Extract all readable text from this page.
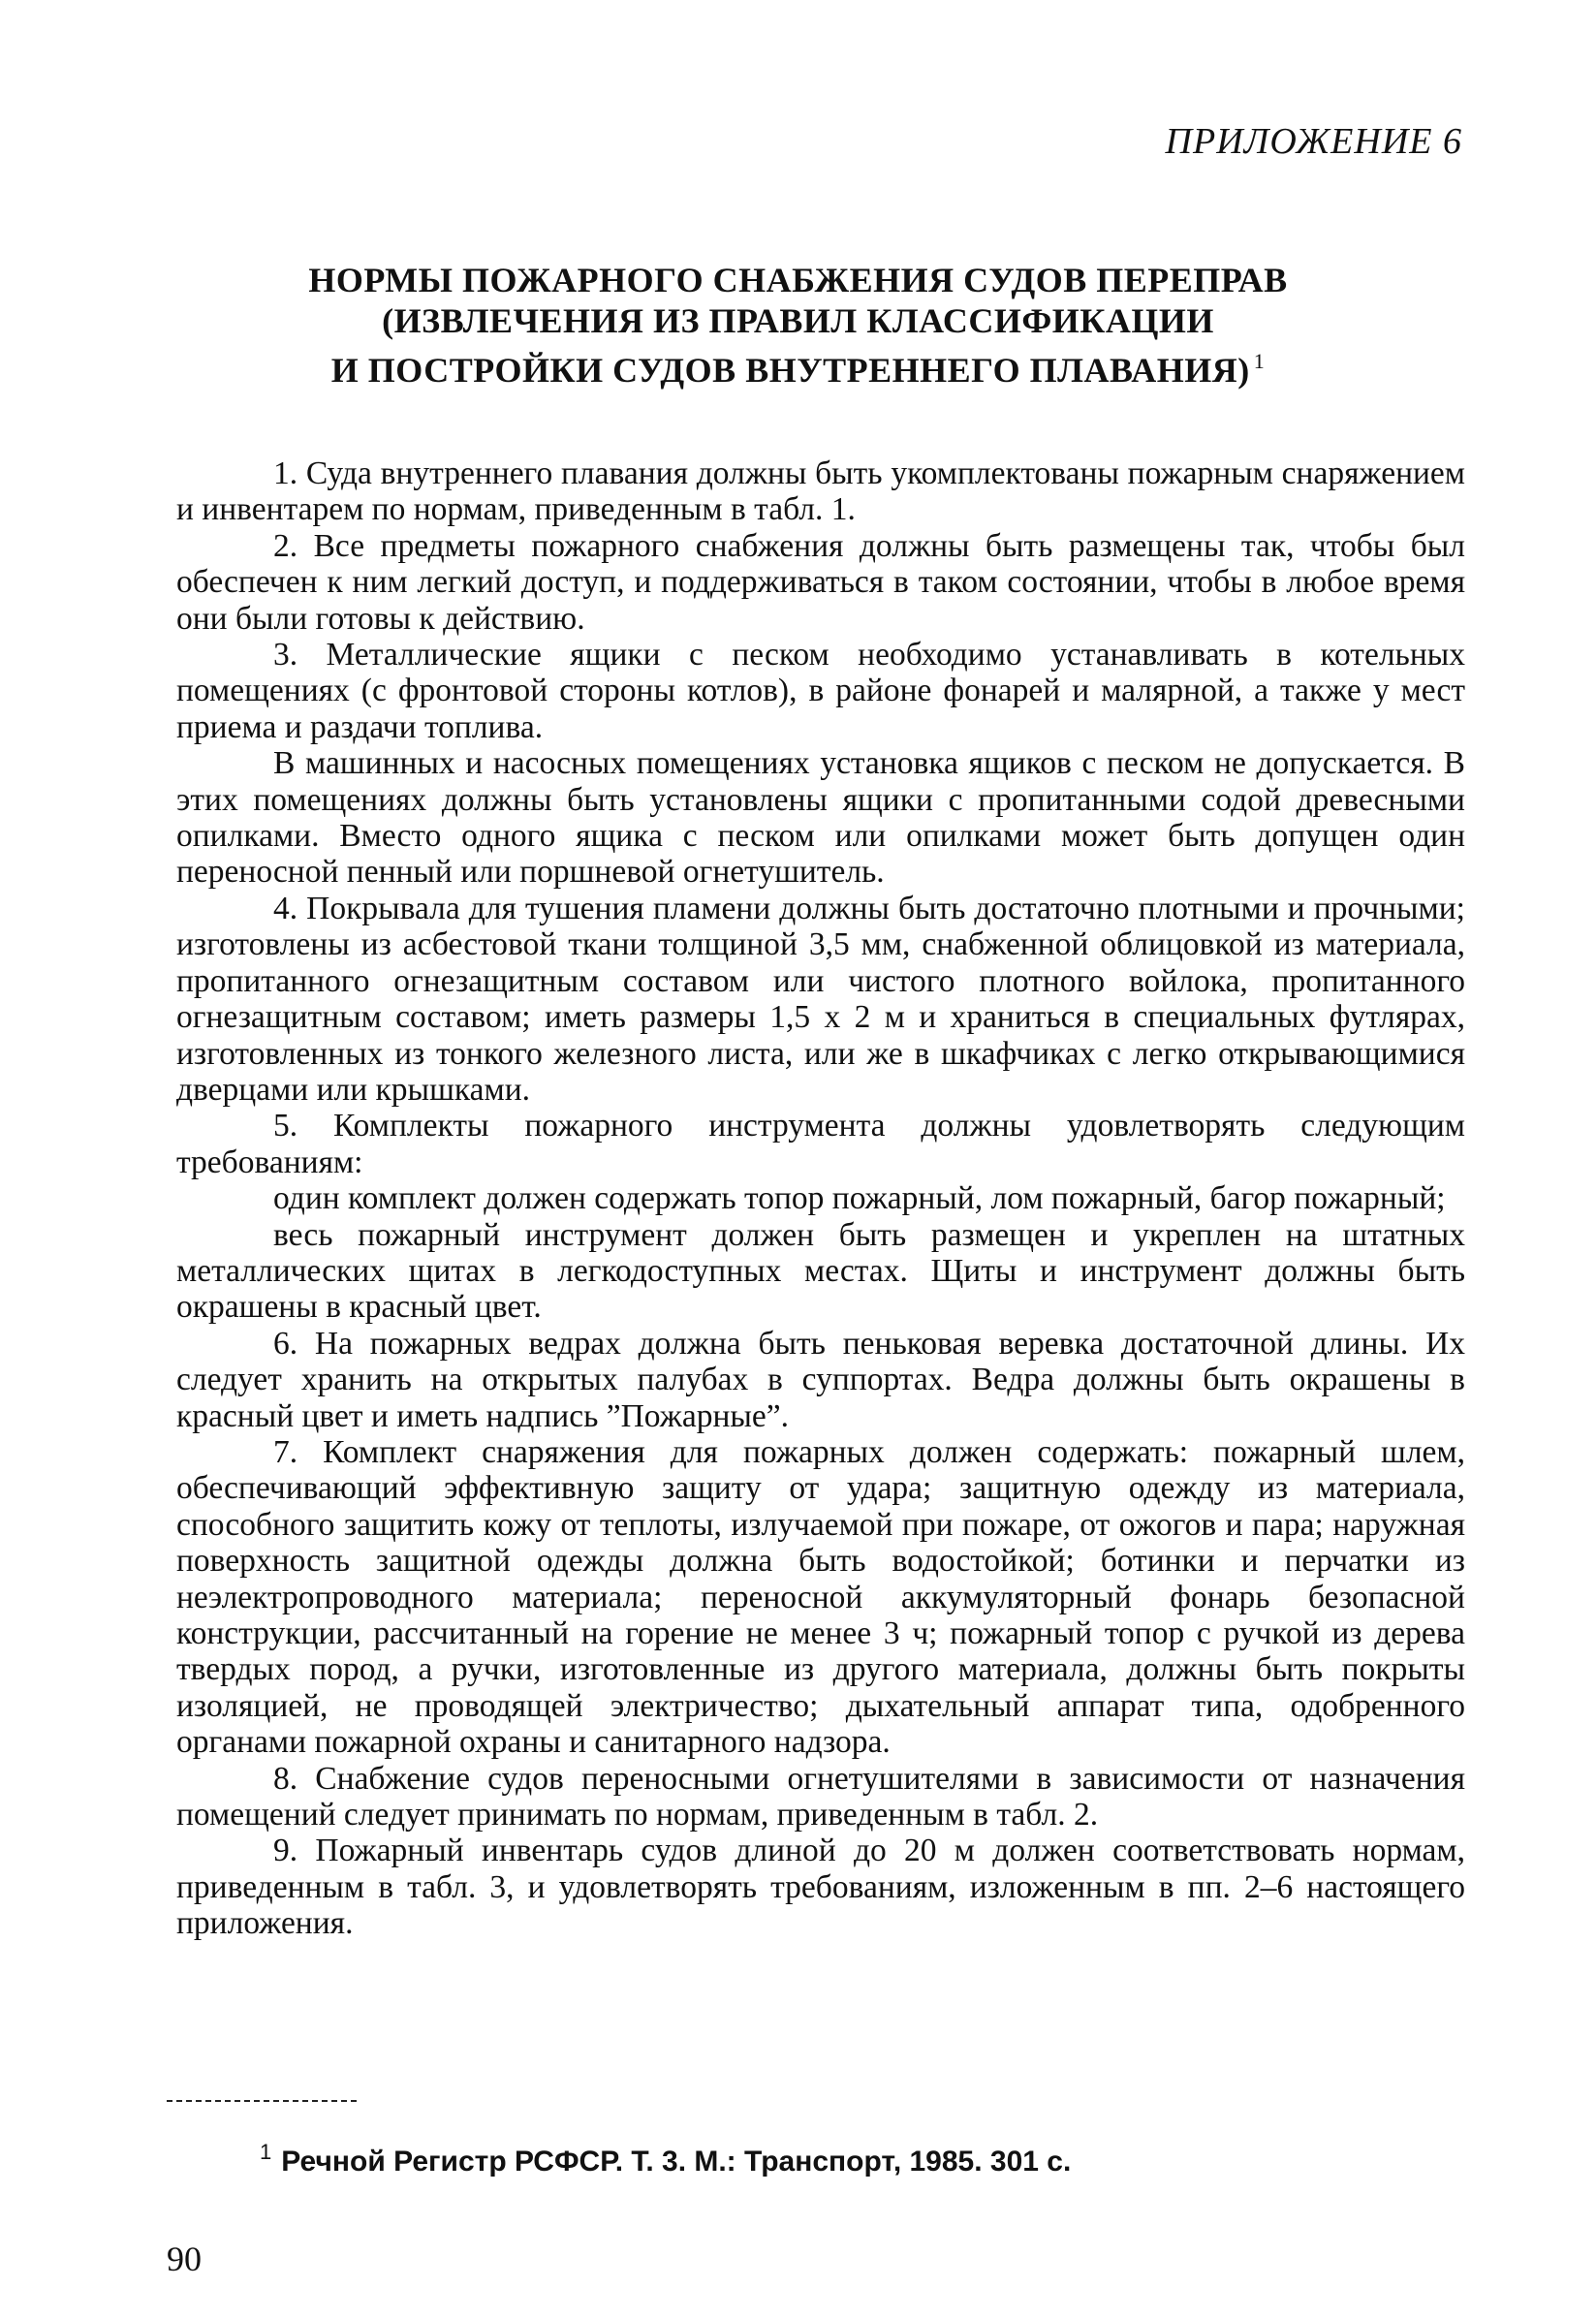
ПРИЛОЖЕНИЕ 6
НОРМЫ ПОЖАРНОГО СНАБЖЕНИЯ СУДОВ ПЕРЕПРАВ
(ИЗВЛЕЧЕНИЯ ИЗ ПРАВИЛ КЛАССИФИКАЦИИ
И ПОСТРОЙКИ СУДОВ ВНУТРЕННЕГО ПЛАВАНИЯ) $^1$

1. Суда внутреннего плавания должны быть укомплектованы пожарным снаряжением и инвентарем по нормам, приведенным в табл. 1.

2. Все предметы пожарного снабжения должны быть размещены так, чтобы был обеспечен к ним легкий доступ, и поддерживаться в таком состоянии, чтобы в любое время они были готовы к действию.

3. Металлические ящики с песком необходимо устанавливать в котельных помещениях (с фронтовой стороны котлов), в районе фонарей и малярной, а также у мест приема и раздачи топлива.

В машинных и насосных помещениях установка ящиков с песком не допускается. В этих помещениях должны быть установлены ящики с пропитанными содой древесными опилками. Вместо одного ящика с песком или опилками может быть допущен один переносной пенный или поршневой огнетушитель.

4. Покрывала для тушения пламени должны быть достаточно плотными и прочными; изготовлены из асбестовой ткани толщиной 3,5 мм, снабженной облицовкой из материала, пропитанного огнезащитным составом или чистого плотного войлока, пропитанного огнезащитным составом; иметь размеры 1,5 х 2 м и храниться в специальных футлярах, изготовленных из тонкого железного листа, или же в шкафчиках с легко открывающимися дверцами или крышками.

5. Комплекты пожарного инструмента должны удовлетворять следующим требованиям:

один комплект должен содержать топор пожарный, лом пожарный, багор пожарный;

весь пожарный инструмент должен быть размещен и укреплен на штатных металлических щитах в легкодоступных местах. Щиты и инструмент должны быть окрашены в красный цвет.

6. На пожарных ведрах должна быть пеньковая веревка достаточной длины. Их следует хранить на открытых палубах в суппортах. Ведра должны быть окрашены в красный цвет и иметь надпись ”Пожарные”.

7. Комплект снаряжения для пожарных должен содержать: пожарный шлем, обеспечивающий эффективную защиту от удара; защитную одежду из материала, способного защитить кожу от теплоты, излучаемой при пожаре, от ожогов и пара; наружная поверхность защитной одежды должна быть водостойкой; ботинки и перчатки из неэлектропроводного материала; переносной аккумуляторный фонарь безопасной конструкции, рассчитанный на горение не менее 3 ч; пожарный топор с ручкой из дерева твердых пород, а ручки, изготовленные из другого материала, должны быть покрыты изоляцией, не проводящей электричество; дыхательный аппарат типа, одобренного органами пожарной охраны и санитарного надзора.

8. Снабжение судов переносными огнетушителями в зависимости от назначения помещений следует принимать по нормам, приведенным в табл. 2.

9. Пожарный инвентарь судов длиной до 20 м должен соответствовать нормам, приведенным в табл. 3, и удовлетворять требованиям, изложенным в пп. 2–6 настоящего приложения.

$^1$ Речной Регистр РСФСР. Т. 3. М.: Транспорт, 1985. 301 с.
90
